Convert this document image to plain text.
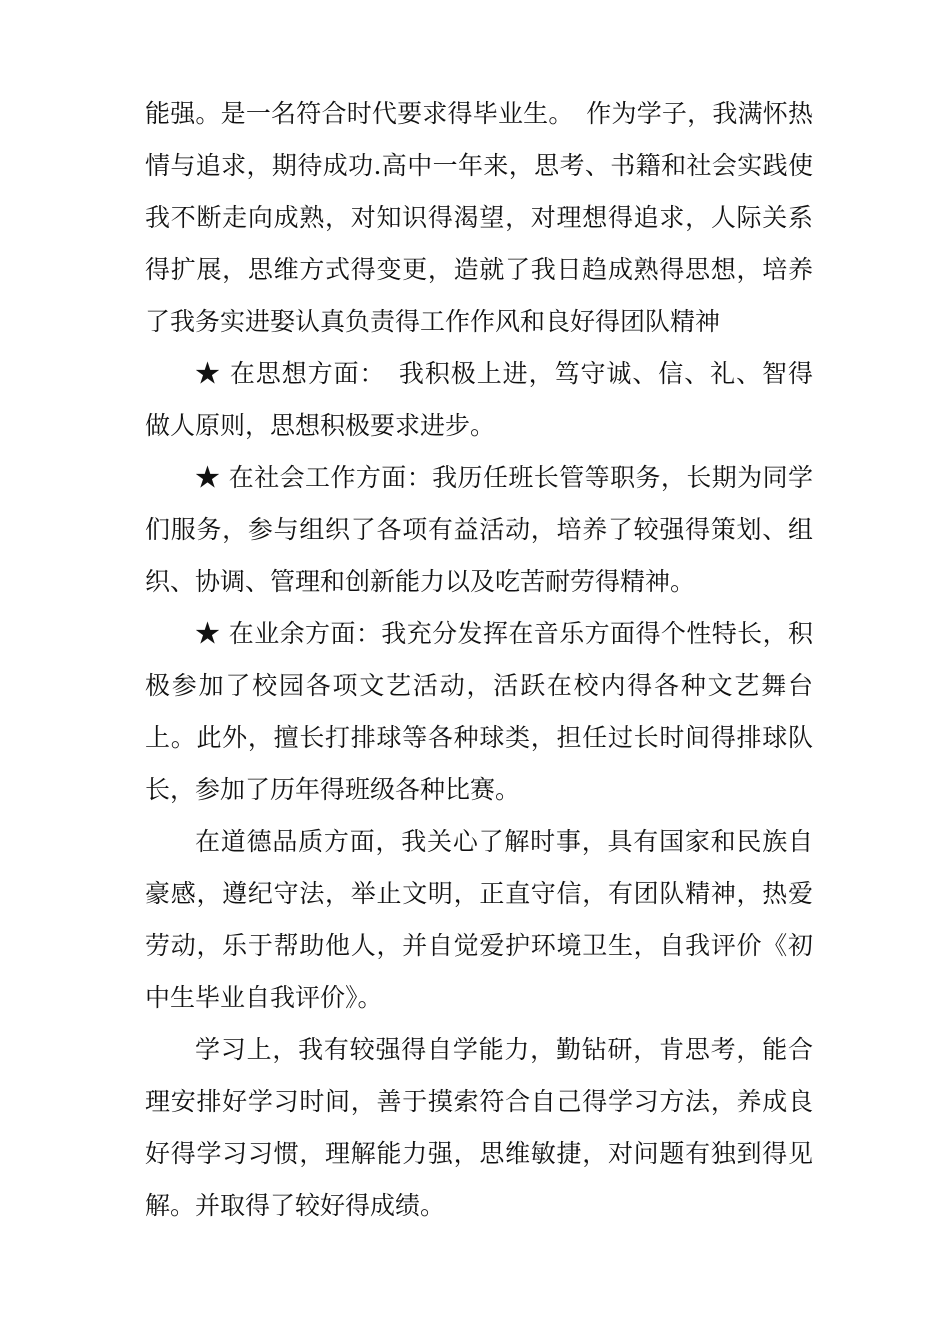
能强。是一名符合时代要求得毕业生。　作为学子，我满怀热情与追求，期待成功.高中一年来，思考、书籍和社会实践使我不断走向成熟，对知识得渴望，对理想得追求，人际关系得扩展，思维方式得变更，造就了我日趋成熟得思想，培养了我务实进娶认真负责得工作作风和良好得团队精神

★ 在思想方面：　我积极上进，笃守诚、信、礼、智得做人原则，思想积极要求进步。

★ 在社会工作方面：我历任班长管等职务，长期为同学们服务，参与组织了各项有益活动，培养了较强得策划、组织、协调、管理和创新能力以及吃苦耐劳得精神。

★ 在业余方面：我充分发挥在音乐方面得个性特长，积极参加了校园各项文艺活动，活跃在校内得各种文艺舞台上。此外，擅长打排球等各种球类，担任过长时间得排球队长，参加了历年得班级各种比赛。

在道德品质方面，我关心了解时事，具有国家和民族自豪感，遵纪守法，举止文明，正直守信，有团队精神，热爱劳动，乐于帮助他人，并自觉爱护环境卫生，自我评价《初中生毕业自我评价》。

学习上，我有较强得自学能力，勤钻研，肯思考，能合理安排好学习时间，善于摸索符合自己得学习方法，养成良好得学习习惯，理解能力强，思维敏捷，对问题有独到得见解。并取得了较好得成绩。
